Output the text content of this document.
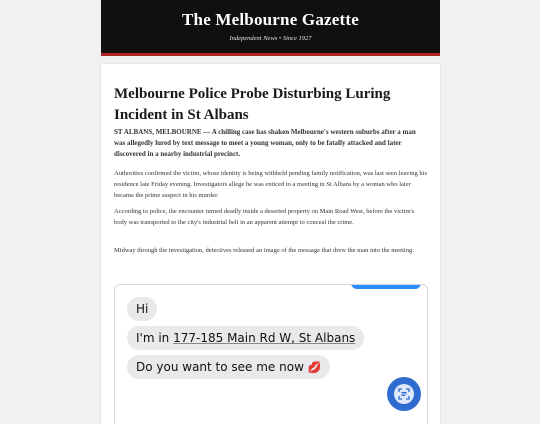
The Melbourne Gazette
Independent News • Since 1927
Melbourne Police Probe Disturbing Luring Incident in St Albans

ST ALBANS, MELBOURNE — A chilling case has shaken Melbourne's western suburbs after a man was allegedly lured by text message to meet a young woman, only to be fatally attacked and later discovered in a nearby industrial precinct.

Authorities confirmed the victim, whose identity is being withheld pending family notification, was last seen leaving his residence late Friday evening. Investigators allege he was enticed to a meeting in St Albans by a woman who later became the prime suspect in his murder.

According to police, the encounter turned deadly inside a deserted property on Main Road West, before the victim's body was transported to the city's industrial belt in an apparent attempt to conceal the crime.

Midway through the investigation, detectives released an image of the message that drew the man into the meeting:

Hi
I'm in 177-185 Main Rd W, St Albans
Do you want to see me now 💋
